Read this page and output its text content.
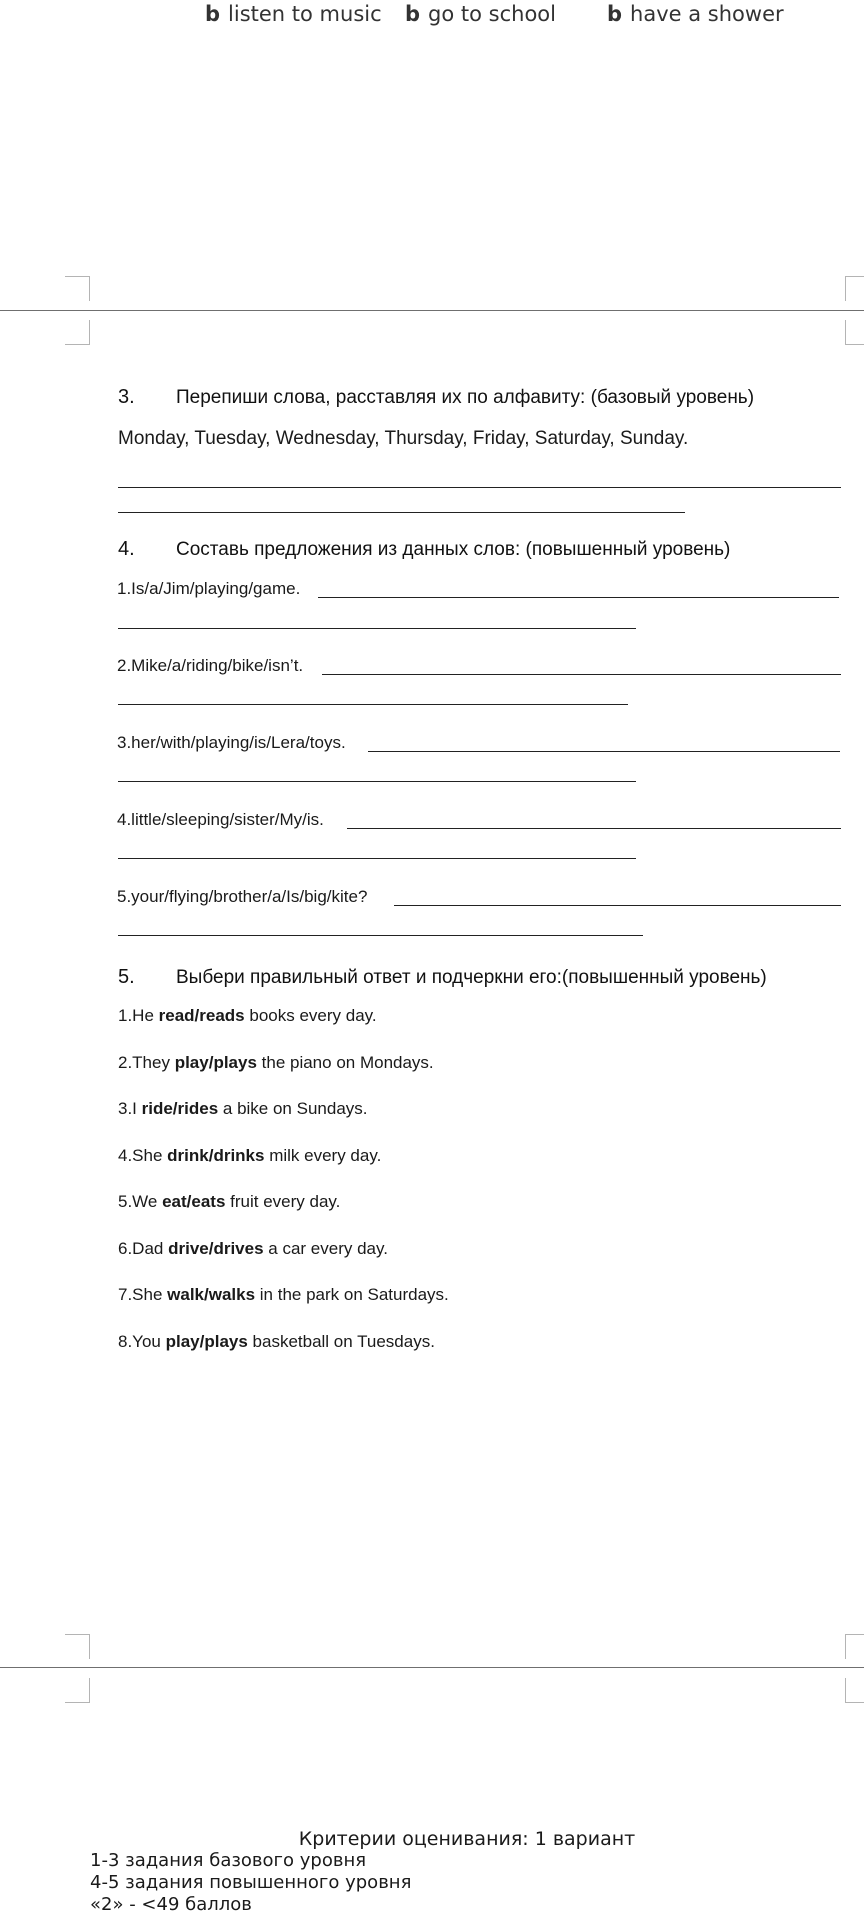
b listen to music b go to school b have a shower
3. Перепиши слова, расставляя их по алфавиту: (базовый уровень)
Monday, Tuesday, Wednesday, Thursday, Friday, Saturday, Sunday.
4. Составь предложения из данных слов: (повышенный уровень)
1.Is/a/Jim/playing/game.
2.Mike/a/riding/bike/isn’t.
3.her/with/playing/is/Lera/toys.
4.little/sleeping/sister/My/is.
5.your/flying/brother/a/Is/big/kite?
5. Выбери правильный ответ и подчеркни его:(повышенный уровень)
1.He read/reads books every day.
2.They play/plays the piano on Mondays.
3.I ride/rides a bike on Sundays.
4.She drink/drinks milk every day.
5.We eat/eats fruit every day.
6.Dad drive/drives a car every day.
7.She walk/walks in the park on Saturdays.
8.You play/plays basketball on Tuesdays.
Критерии оценивания: 1 вариант
1-3 задания базового уровня
4-5 задания повышенного уровня
«2» - <49 баллов
